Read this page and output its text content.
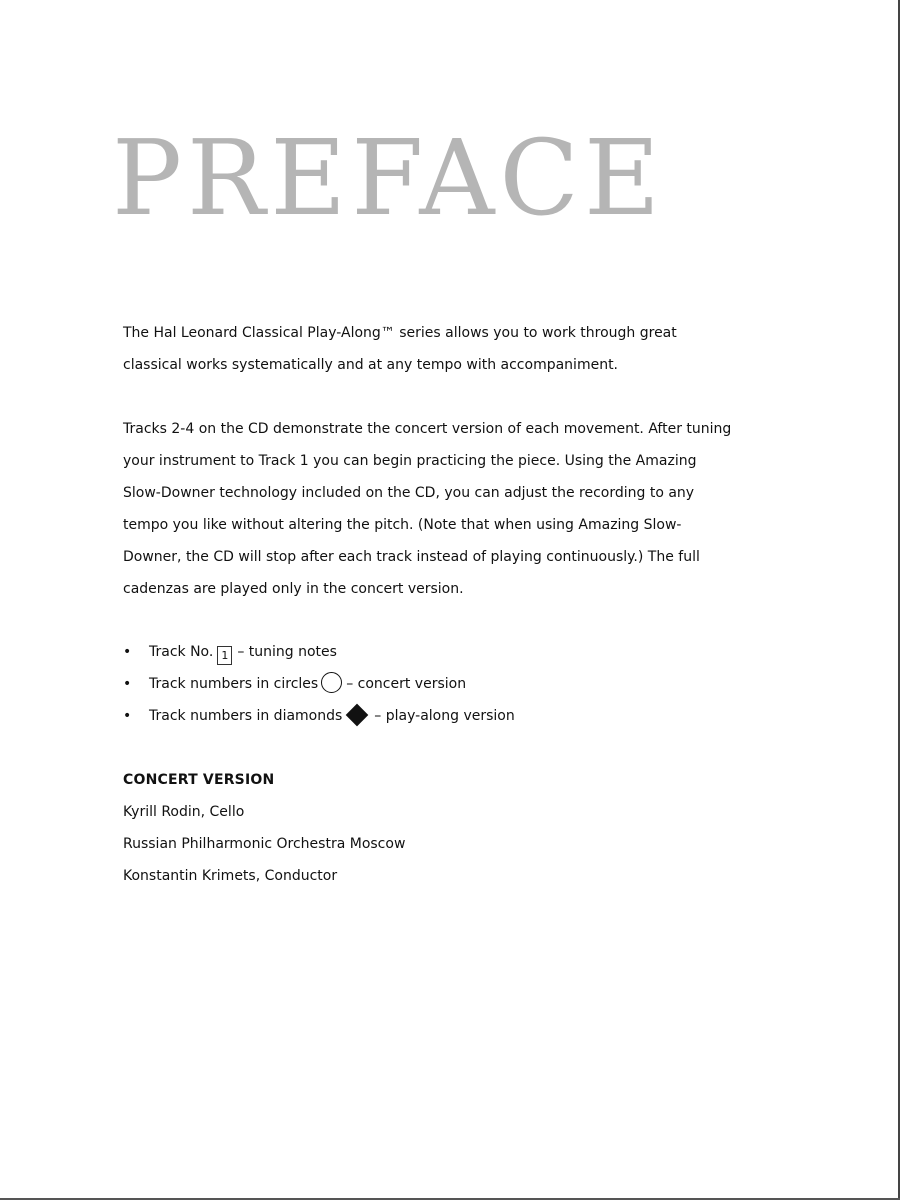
PREFACE

The Hal Leonard Classical Play-Along™ series allows you to work through great classical works systematically and at any tempo with accompaniment.

Tracks 2-4 on the CD demonstrate the concert version of each movement. After tuning your instrument to Track 1 you can begin practicing the piece. Using the Amazing Slow-Downer technology included on the CD, you can adjust the recording to any tempo you like without altering the pitch. (Note that when using Amazing Slow-Downer, the CD will stop after each track instead of playing continuously.) The full cadenzas are played only in the concert version.

• Track No. 1 – tuning notes
• Track numbers in circles – concert version
• Track numbers in diamonds – play-along version
CONCERT VERSION
Kyrill Rodin, Cello
Russian Philharmonic Orchestra Moscow
Konstantin Krimets, Conductor
